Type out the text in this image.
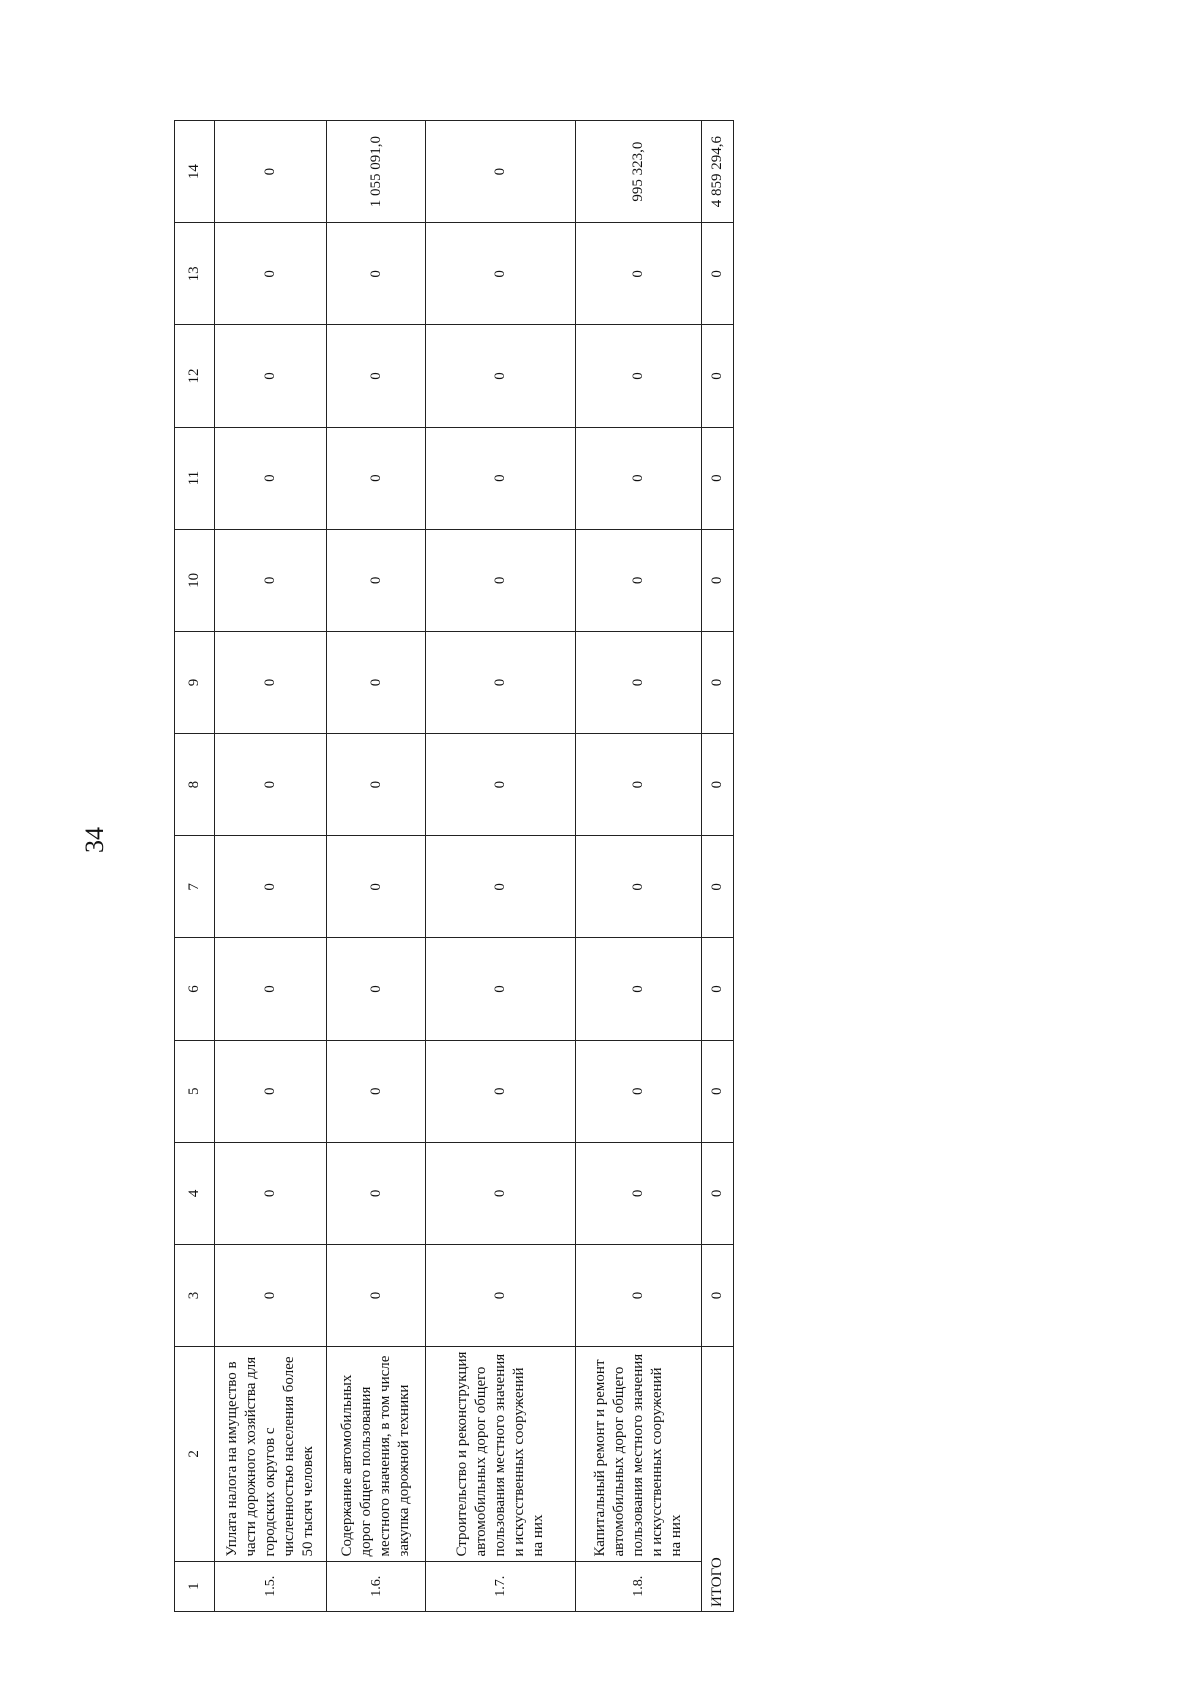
34
1	2	3	4	5	6	7	8	9	10	11	12	13	14
1.5.	Уплата налога на имущество в части дорожного хозяйства для городских округов с численностью населения более 50 тысяч человек	0	0	0	0	0	0	0	0	0	0	0	0
1.6.	Содержание автомобильных дорог общего пользования местного значения, в том числе закупка дорожной техники	0	0	0	0	0	0	0	0	0	0	0	1 055 091,0
1.7.	Строительство и реконструкция автомобильных дорог общего пользования местного значения и искусственных сооружений на них	0	0	0	0	0	0	0	0	0	0	0	0
1.8.	Капитальный ремонт и ремонт автомобильных дорог общего пользования местного значения и искусственных сооружений на них	0	0	0	0	0	0	0	0	0	0	0	995 323,0
ИТОГО		0	0	0	0	0	0	0	0	0	0	0	4 859 294,6
